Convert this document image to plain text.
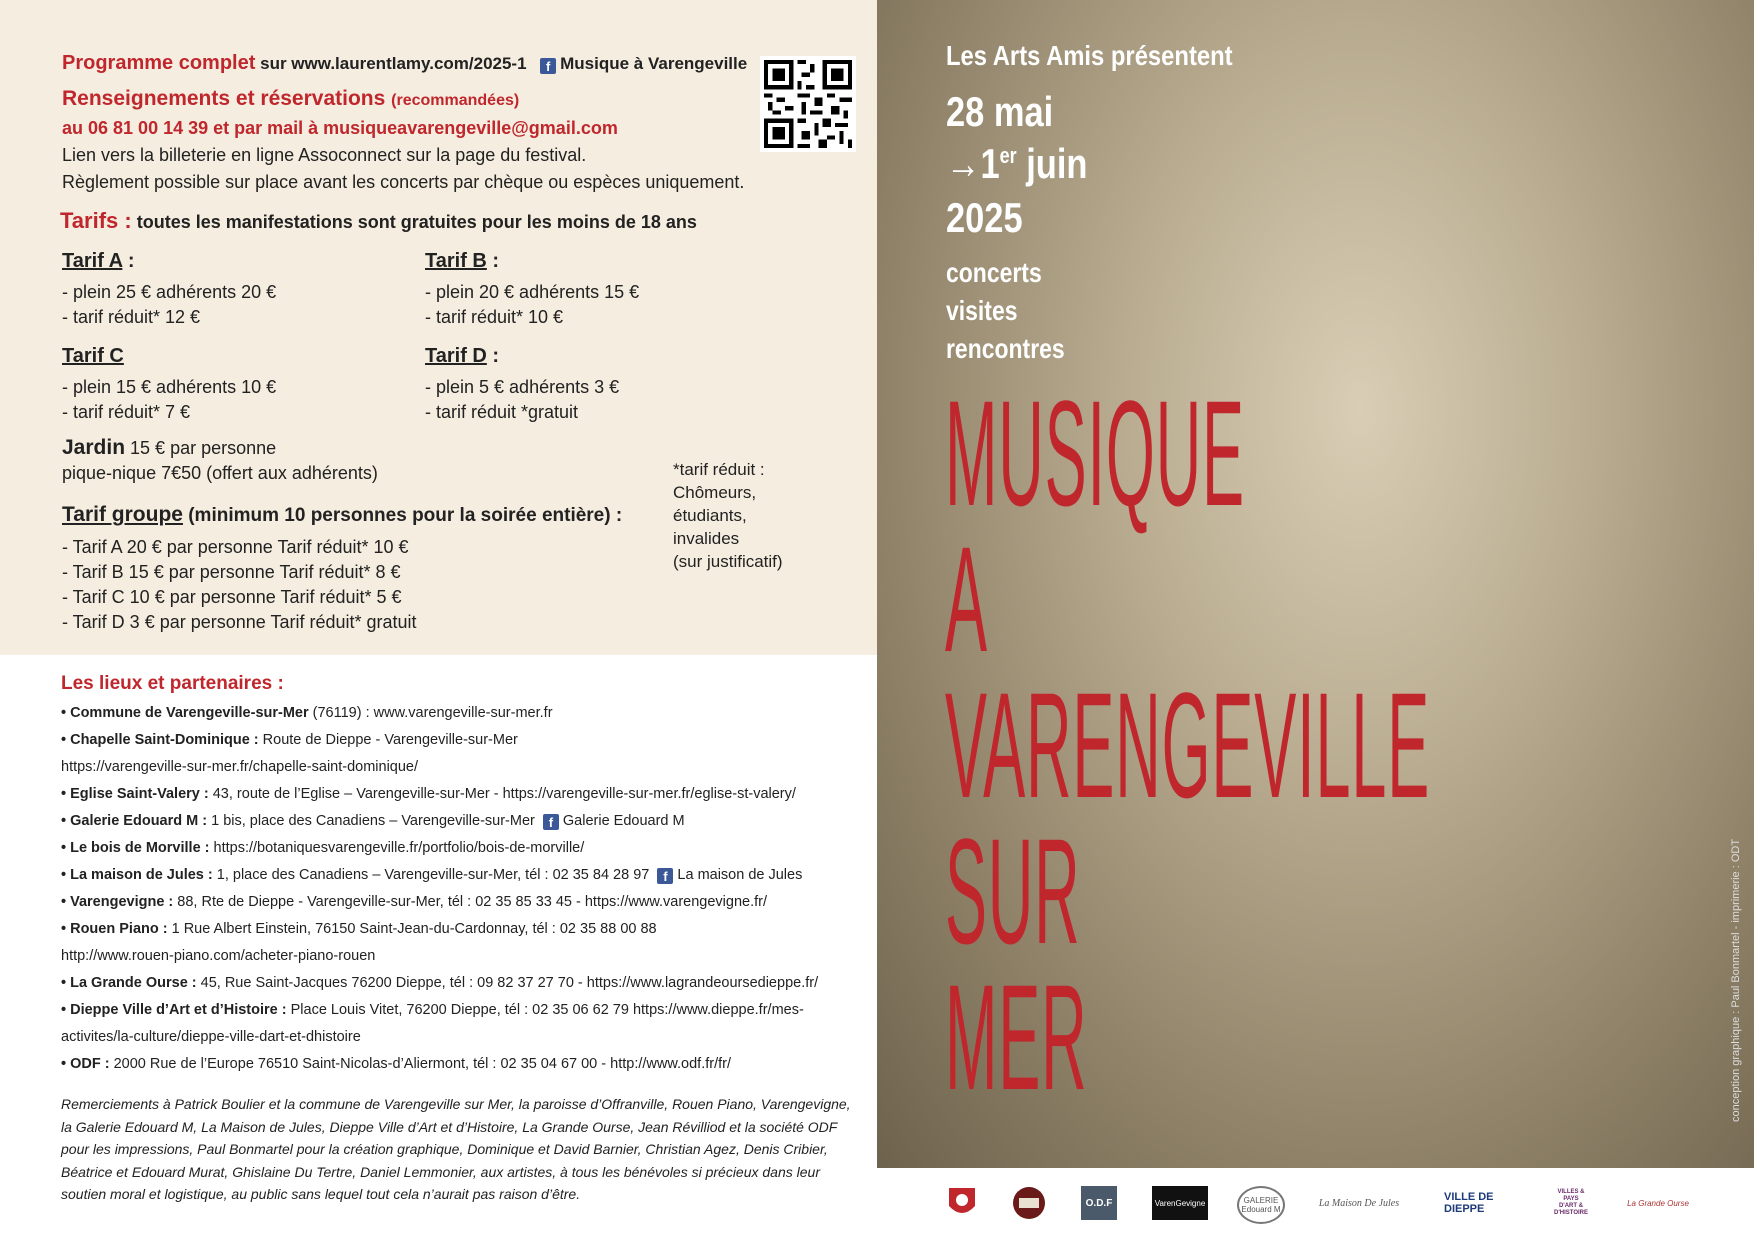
Programme complet sur www.laurentlamy.com/2025-1 f Musique à Varengeville
Renseignements et réservations (recommandées)
au 06 81 00 14 39 et par mail à musiqueavarengeville@gmail.com
Lien vers la billeterie en ligne Assoconnect sur la page du festival.
Règlement possible sur place avant les concerts par chèque ou espèces uniquement.
Tarifs : toutes les manifestations sont gratuites pour les moins de 18 ans
Tarif A :
- plein 25 € adhérents 20 €
- tarif réduit* 12 €
Tarif B :
- plein 20 € adhérents 15 €
- tarif réduit* 10 €
Tarif C
- plein 15 € adhérents 10 €
- tarif réduit* 7 €
Tarif D :
- plein 5 € adhérents 3 €
- tarif réduit *gratuit
Jardin 15 € par personne
pique-nique 7€50 (offert aux adhérents)	*tarif réduit :
Chômeurs,
étudiants,
invalides
(sur justificatif)
Tarif groupe (minimum 10 personnes pour la soirée entière) :
- Tarif A 20 € par personne Tarif réduit* 10 €
- Tarif B 15 € par personne Tarif réduit* 8 €
- Tarif C 10 € par personne Tarif réduit* 5 €
- Tarif D 3 € par personne Tarif réduit* gratuit
Les lieux et partenaires :
• Commune de Varengeville-sur-Mer (76119) : www.varengeville-sur-mer.fr
• Chapelle Saint-Dominique : Route de Dieppe - Varengeville-sur-Mer
https://varengeville-sur-mer.fr/chapelle-saint-dominique/
• Eglise Saint-Valery : 43, route de l’Eglise – Varengeville-sur-Mer - https://varengeville-sur-mer.fr/eglise-st-valery/
• Galerie Edouard M : 1 bis, place des Canadiens – Varengeville-sur-Mer f Galerie Edouard M
• Le bois de Morville : https://botaniquesvarengeville.fr/portfolio/bois-de-morville/
• La maison de Jules : 1, place des Canadiens – Varengeville-sur-Mer, tél : 02 35 84 28 97 f La maison de Jules
• Varengevigne : 88, Rte de Dieppe - Varengeville-sur-Mer, tél : 02 35 85 33 45 - https://www.varengevigne.fr/
• Rouen Piano : 1 Rue Albert Einstein, 76150 Saint-Jean-du-Cardonnay, tél : 02 35 88 00 88
http://www.rouen-piano.com/acheter-piano-rouen
• La Grande Ourse : 45, Rue Saint-Jacques 76200 Dieppe, tél : 09 82 37 27 70 - https://www.lagrandeoursedieppe.fr/
• Dieppe Ville d’Art et d’Histoire : Place Louis Vitet, 76200 Dieppe, tél : 02 35 06 62 79 https://www.dieppe.fr/mes-
activites/la-culture/dieppe-ville-dart-et-dhistoire
• ODF : 2000 Rue de l’Europe 76510 Saint-Nicolas-d’Aliermont, tél : 02 35 04 67 00 - http://www.odf.fr/fr/
Remerciements à Patrick Boulier et la commune de Varengeville sur Mer, la paroisse d’Offranville, Rouen Piano, Varengevigne, la Galerie Edouard M, La Maison de Jules, Dieppe Ville d’Art et d’Histoire, La Grande Ourse, Jean Révilliod et la société ODF pour les impressions, Paul Bonmartel pour la création graphique, Dominique et David Barnier, Christian Agez, Denis Cribier, Béatrice et Edouard Murat, Ghislaine Du Tertre, Daniel Lemmonier, aux artistes, à tous les bénévoles si précieux dans leur soutien moral et logistique, au public sans lequel tout cela n’aurait pas raison d’être.
Les Arts Amis présentent
28 mai
→1er juin
2025
concerts
visites
rencontres
conception graphique : Paul Bonmartel - imprimerie : ODT
MUSIQUE
A
VARENGEVILLE
SUR
MER
O.D.F	VarenGevigne	GALERIE Edouard M
La Maison De Jules	VILLE DE DIEPPE
VILLES & PAYS D'ART & D'HISTOIRE
La Grande Ourse
